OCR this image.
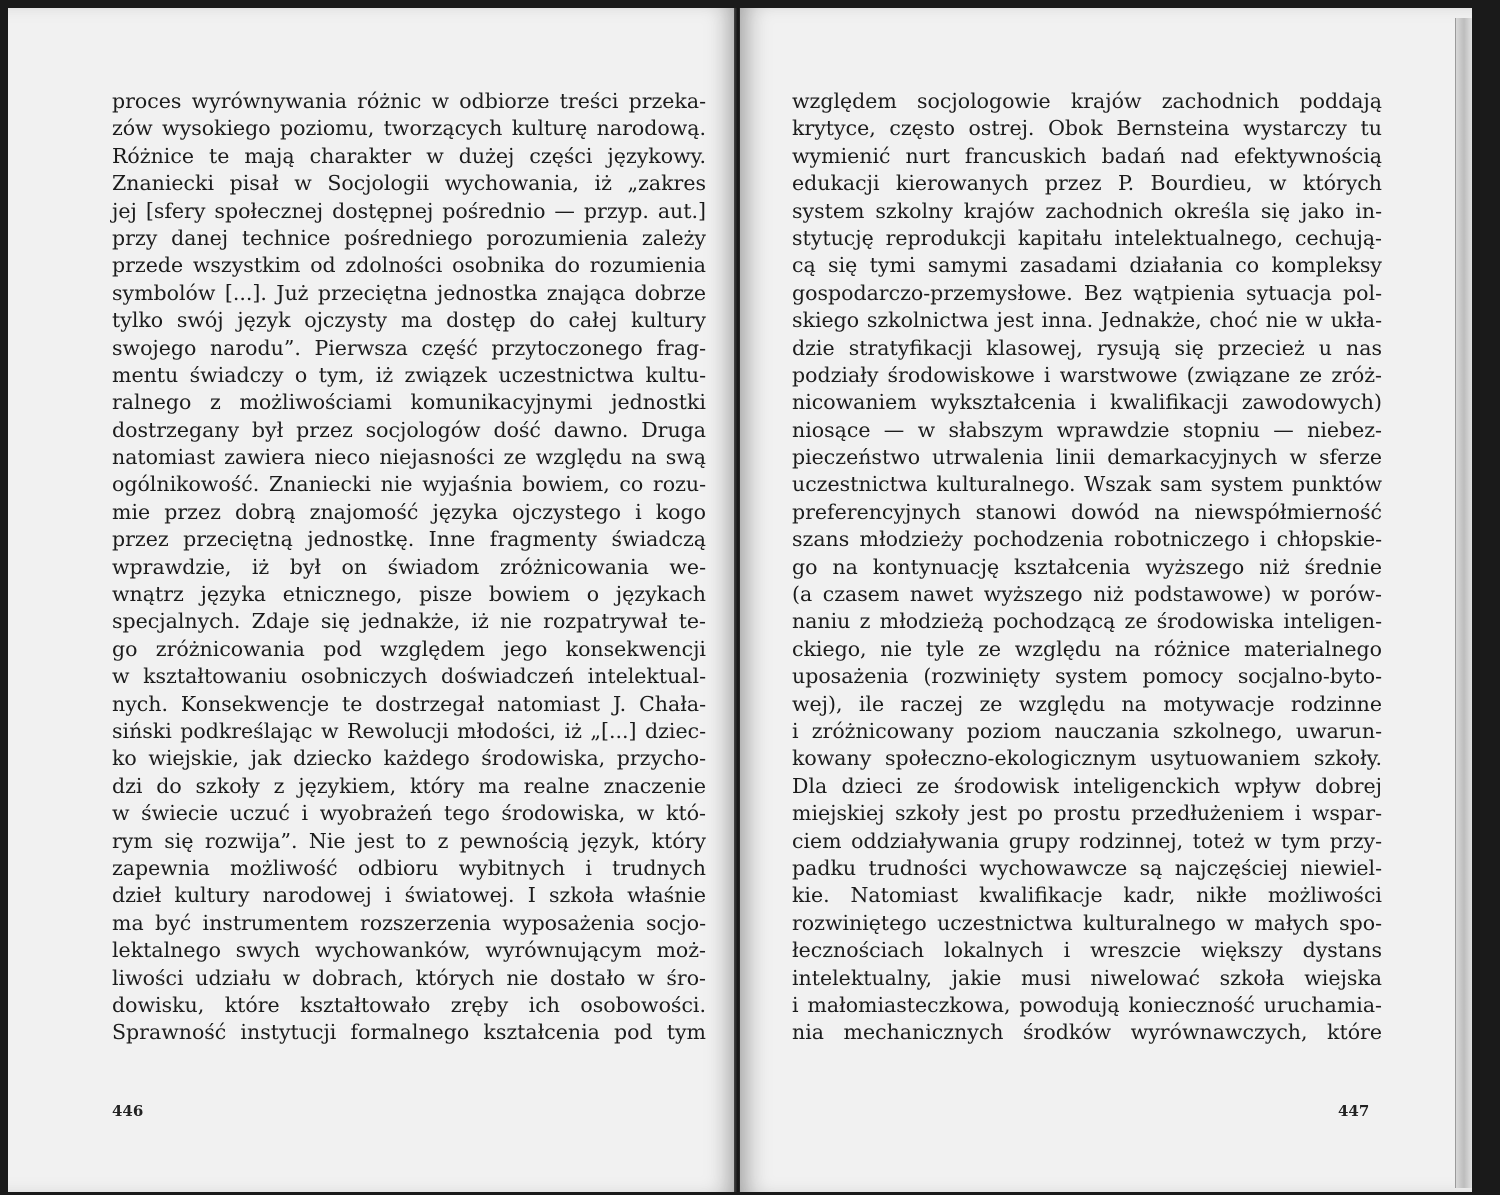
proces wyrównywania różnic w odbiorze treści przeka-
zów wysokiego poziomu, tworzących kulturę narodową.
Różnice te mają charakter w dużej części językowy.
Znaniecki pisał w Socjologii wychowania, iż „zakres
jej [sfery społecznej dostępnej pośrednio — przyp. aut.]
przy danej technice pośredniego porozumienia zależy
przede wszystkim od zdolności osobnika do rozumienia
symbolów [...]. Już przeciętna jednostka znająca dobrze
tylko swój język ojczysty ma dostęp do całej kultury
swojego narodu”. Pierwsza część przytoczonego frag-
mentu świadczy o tym, iż związek uczestnictwa kultu-
ralnego z możliwościami komunikacyjnymi jednostki
dostrzegany był przez socjologów dość dawno. Druga
natomiast zawiera nieco niejasności ze względu na swą
ogólnikowość. Znaniecki nie wyjaśnia bowiem, co rozu-
mie przez dobrą znajomość języka ojczystego i kogo
przez przeciętną jednostkę. Inne fragmenty świadczą
wprawdzie, iż był on świadom zróżnicowania we-
wnątrz języka etnicznego, pisze bowiem o językach
specjalnych. Zdaje się jednakże, iż nie rozpatrywał te-
go zróżnicowania pod względem jego konsekwencji
w kształtowaniu osobniczych doświadczeń intelektual-
nych. Konsekwencje te dostrzegał natomiast J. Chała-
siński podkreślając w Rewolucji młodości, iż „[...] dziec-
ko wiejskie, jak dziecko każdego środowiska, przycho-
dzi do szkoły z językiem, który ma realne znaczenie
w świecie uczuć i wyobrażeń tego środowiska, w któ-
rym się rozwija”. Nie jest to z pewnością język, który
zapewnia możliwość odbioru wybitnych i trudnych
dzieł kultury narodowej i światowej. I szkoła właśnie
ma być instrumentem rozszerzenia wyposażenia socjo-
lektalnego swych wychowanków, wyrównującym moż-
liwości udziału w dobrach, których nie dostało w śro-
dowisku, które kształtowało zręby ich osobowości.
Sprawność instytucji formalnego kształcenia pod tym
446
względem socjologowie krajów zachodnich poddają
krytyce, często ostrej. Obok Bernsteina wystarczy tu
wymienić nurt francuskich badań nad efektywnością
edukacji kierowanych przez P. Bourdieu, w których
system szkolny krajów zachodnich określa się jako in-
stytucję reprodukcji kapitału intelektualnego, cechują-
cą się tymi samymi zasadami działania co kompleksy
gospodarczo-przemysłowe. Bez wątpienia sytuacja pol-
skiego szkolnictwa jest inna. Jednakże, choć nie w ukła-
dzie stratyfikacji klasowej, rysują się przecież u nas
podziały środowiskowe i warstwowe (związane ze zróż-
nicowaniem wykształcenia i kwalifikacji zawodowych)
niosące — w słabszym wprawdzie stopniu — niebez-
pieczeństwo utrwalenia linii demarkacyjnych w sferze
uczestnictwa kulturalnego. Wszak sam system punktów
preferencyjnych stanowi dowód na niewspółmierność
szans młodzieży pochodzenia robotniczego i chłopskie-
go na kontynuację kształcenia wyższego niż średnie
(a czasem nawet wyższego niż podstawowe) w porów-
naniu z młodzieżą pochodzącą ze środowiska inteligen-
ckiego, nie tyle ze względu na różnice materialnego
uposażenia (rozwinięty system pomocy socjalno-byto-
wej), ile raczej ze względu na motywacje rodzinne
i zróżnicowany poziom nauczania szkolnego, uwarun-
kowany społeczno-ekologicznym usytuowaniem szkoły.
Dla dzieci ze środowisk inteligenckich wpływ dobrej
miejskiej szkoły jest po prostu przedłużeniem i wspar-
ciem oddziaływania grupy rodzinnej, toteż w tym przy-
padku trudności wychowawcze są najczęściej niewiel-
kie. Natomiast kwalifikacje kadr, nikłe możliwości
rozwiniętego uczestnictwa kulturalnego w małych spo-
łecznościach lokalnych i wreszcie większy dystans
intelektualny, jakie musi niwelować szkoła wiejska
i małomiasteczkowa, powodują konieczność uruchamia-
nia mechanicznych środków wyrównawczych, które
447
